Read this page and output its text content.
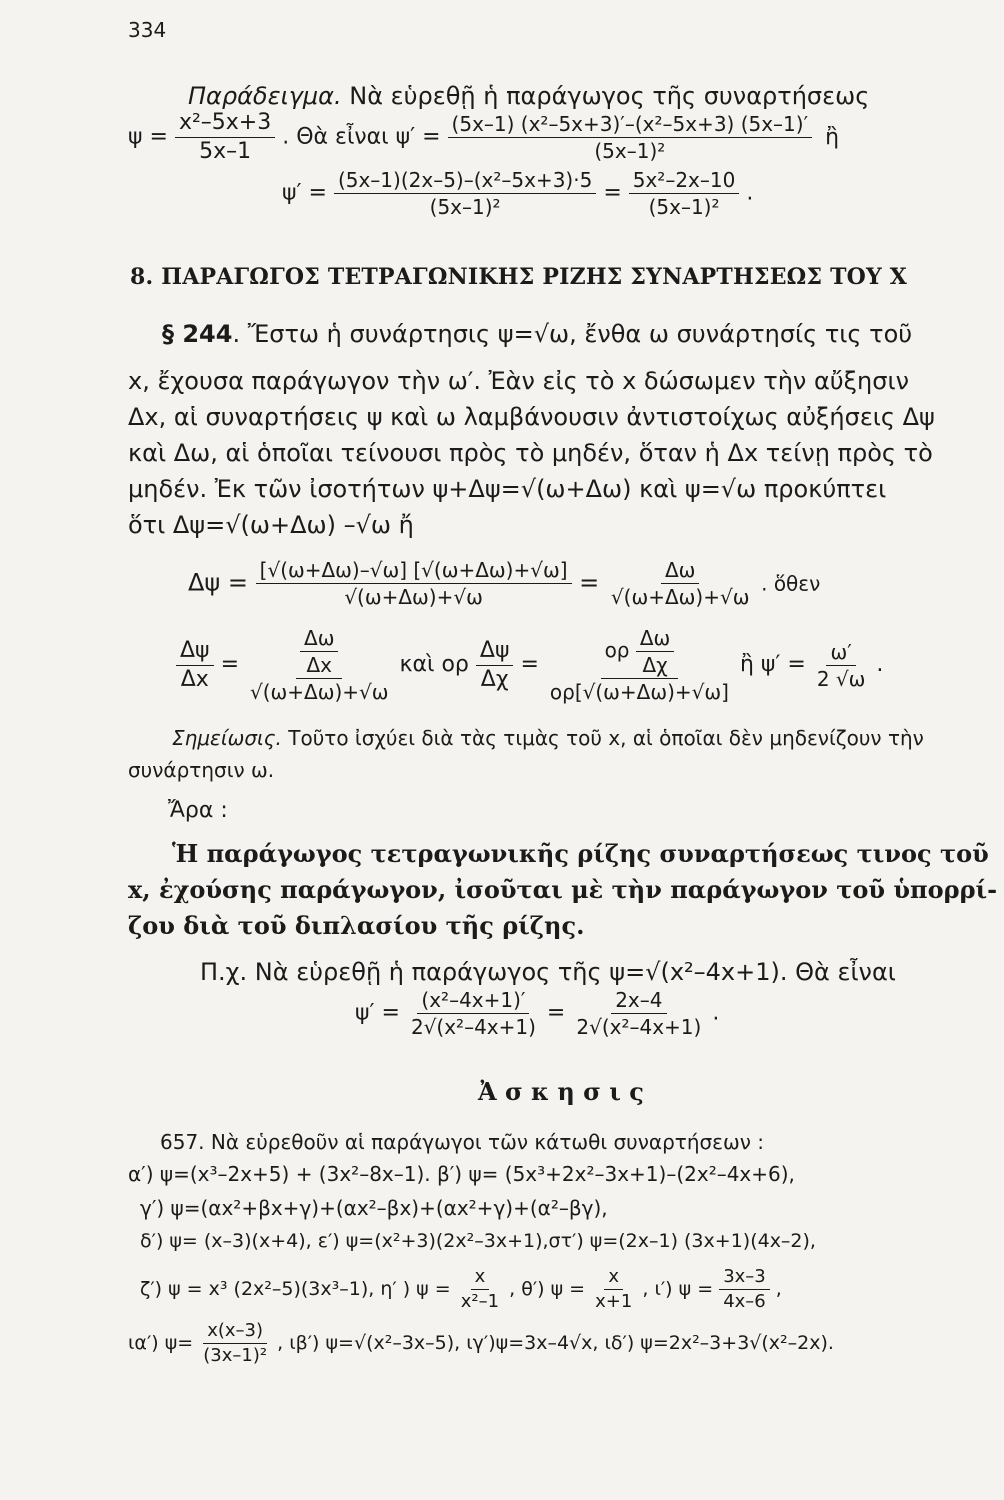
334
Παράδειγμα. Νὰ εὑρεθῇ ἡ παράγωγος τῆς συναρτήσεως
$\psi = \frac{\text{x²–5x+3}}{5x-1}$ . Θὰ εἶναι $\psi' = \frac{\text{(5x–1) (x²–5x+3)′–(x²–5x+3) (5x–1)′}}{\text{(5x–1)²}}$ ἢ
$\psi' = \frac{\text{(5x–1)(2x–5)–(x²–5x+3)·5}}{\text{(5x–1)²}} = \frac{\text{5x²–2x–10}}{\text{(5x–1)²}}$ .
8. ΠΑΡΑΓΩΓΟΣ ΤΕΤΡΑΓΩΝΙΚΗΣ ΡΙΖΗΣ ΣΥΝΑΡΤΗΣΕΩΣ ΤΟΥ Χ
§ 244. Ἔστω ἡ συνάρτησις ψ=√ω, ἔνθα ω συνάρτησίς τις τοῦ
x, ἔχουσα παράγωγον τὴν ω′. Ἐὰν εἰς τὸ x δώσωμεν τὴν αὔξησιν
Δx, αἱ συναρτήσεις ψ καὶ ω λαμβάνουσιν ἀντιστοίχως αὐξήσεις Δψ
καὶ Δω, αἱ ὁποῖαι τείνουσι πρὸς τὸ μηδέν, ὅταν ἡ Δx τείνῃ πρὸς τὸ
μηδέν. Ἐκ τῶν ἰσοτήτων ψ+Δψ=√(ω+Δω) καὶ ψ=√ω προκύπτει
ὅτι Δψ=√(ω+Δω) –√ω ἤ
$\Delta\psi = \frac{[√(\omega+\Delta\omega)-√\omega] [√(\omega+\Delta\omega)+√\omega]}{√(\omega+\Delta\omega)+√\omega} = \frac{\Delta\omega}{√(\omega+\Delta\omega)+√\omega}$ . ὅθεν
$\frac{\Delta\psi}{\Delta x} = \frac{\frac{\Delta\omega}{\Delta x}}{√(\omega+\Delta\omega)+√\omega}$ καὶ ορ $\frac{\Delta\psi}{\Delta\chi} = \frac{o\rho \frac{\Delta\omega}{\Delta\chi}}{o\rho[√(\omega+\Delta\omega)+√\omega]}$ ἢ $\psi' = \frac{\omega'}{2 √\omega}$ .
Σημείωσις. Τοῦτο ἰσχύει διὰ τὰς τιμὰς τοῦ x, αἱ ὁποῖαι δὲν μηδενίζουν τὴν
συνάρτησιν ω.
Ἄρα :
Ἡ παράγωγος τετραγωνικῆς ρίζης συναρτήσεως τινος τοῦ
x, ἐχούσης παράγωγον, ἰσοῦται μὲ τὴν παράγωγον τοῦ ὑπορρί-
ζου διὰ τοῦ διπλασίου τῆς ρίζης.
Π.χ. Νὰ εὑρεθῇ ἡ παράγωγος τῆς ψ=√(x²–4x+1). Θὰ εἶναι
$\psi' = \frac{\text{(x²–4x+1)′}}{\text{2√(x²–4x+1)}} = \frac{2x-4}{\text{2√(x²–4x+1)}}$ .
Ἀ σ κ η σ ι ς
657. Νὰ εὑρεθοῦν αἱ παράγωγοι τῶν κάτωθι συναρτήσεων :
α′) ψ=(x³–2x+5) + (3x²–8x–1). β′) ψ= (5x³+2x²–3x+1)–(2x²–4x+6),
γ′) ψ=(αx²+βx+γ)+(αx²–βx)+(αx²+γ)+(α²–βγ),
δ′) ψ= (x–3)(x+4), ε′) ψ=(x²+3)(2x²–3x+1),στ′) ψ=(2x–1) (3x+1)(4x–2),
ζ′) ψ = x³ (2x²–5)(3x³–1), η′ ) $\psi = \frac{x}{\text{x²–1}}$ , θ′) $\psi = \frac{x}{x+1}$ , ι′) $\psi = \frac{3x-3}{4x-6}$ ,
ια′) $\psi= \frac{x(x-3)}{\text{(3x–1)²}}$ , ιβ′) ψ=√(x²–3x–5), ιγ′)ψ=3x–4√x, ιδ′) ψ=2x²–3+3√(x²–2x).
